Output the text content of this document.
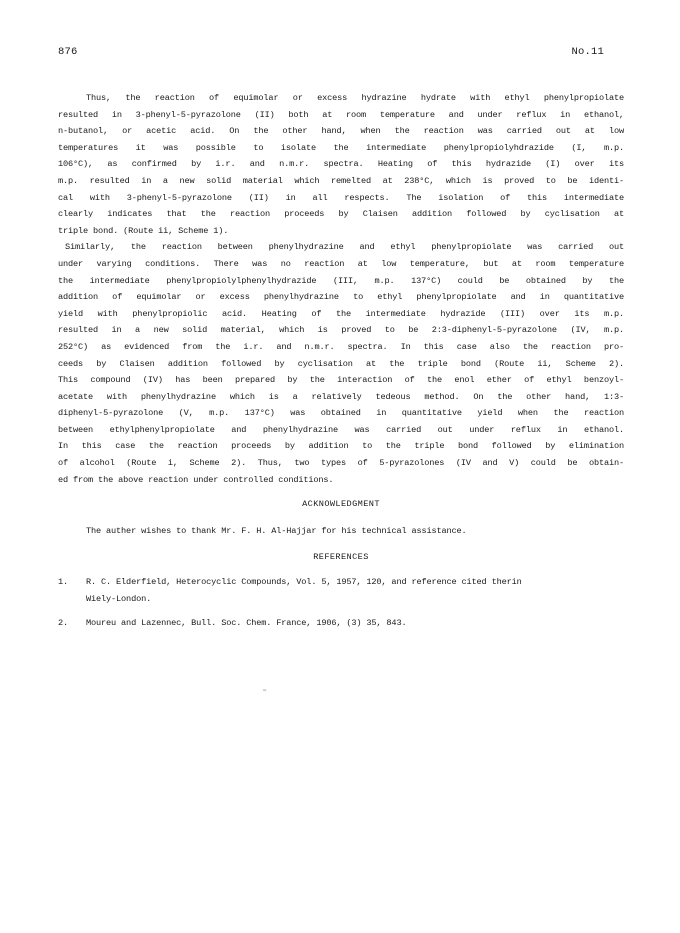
876	No.11
Thus, the reaction of equimolar or excess hydrazine hydrate with ethyl phenylpropiolate
resulted in 3-phenyl-5-pyrazolone (II) both at room temperature and under reflux in ethanol,
n-butanol, or acetic acid. On the other hand, when the reaction was carried out at low
temperatures it was possible to isolate the intermediate phenylpropiolyhdrazide (I, m.p.
106°C), as confirmed by i.r. and n.m.r. spectra. Heating of this hydrazide (I) over its
m.p. resulted in a new solid material which remelted at 238°C, which is proved to be identi-
cal with 3-phenyl-5-pyrazolone (II) in all respects. The isolation of this intermediate
clearly indicates that the reaction proceeds by Claisen addition followed by cyclisation at
triple bond. (Route ii, Scheme 1).
Similarly, the reaction between phenylhydrazine and ethyl phenylpropiolate was carried out
under varying conditions. There was no reaction at low temperature, but at room temperature
the intermediate phenylpropiolylphenylhydrazide (III, m.p. 137°C) could be obtained by the
addition of equimolar or excess phenylhydrazine to ethyl phenylpropiolate and in quantitative
yield with phenylpropiolic acid. Heating of the intermediate hydrazide (III) over its m.p.
resulted in a new solid material, which is proved to be 2:3-diphenyl-5-pyrazolone (IV, m.p.
252°C) as evidenced from the i.r. and n.m.r. spectra. In this case also the reaction pro-
ceeds by Claisen addition followed by cyclisation at the triple bond (Route ii, Scheme 2).
This compound (IV) has been prepared by the interaction of the enol ether of ethyl benzoyl-
acetate with phenylhydrazine which is a relatively tedeous method. On the other hand, 1:3-
diphenyl-5-pyrazolone (V, m.p. 137°C) was obtained in quantitative yield when the reaction
between ethylphenylpropiolate and phenylhydrazine was carried out under reflux in ethanol.
In this case the reaction proceeds by addition to the triple bond followed by elimination
of alcohol (Route i, Scheme 2). Thus, two types of 5-pyrazolones (IV and V) could be obtain-
ed from the above reaction under controlled conditions.
ACKNOWLEDGMENT
The auther wishes to thank Mr. F. H. Al-Hajjar for his technical assistance.
REFERENCES
1.	R. C. Elderfield, Heterocyclic Compounds, Vol. 5, 1957, 120, and reference cited therin
Wiely-London.
2.	Moureu and Lazennec, Bull. Soc. Chem. France, 1906, (3) 35, 843.
˜
